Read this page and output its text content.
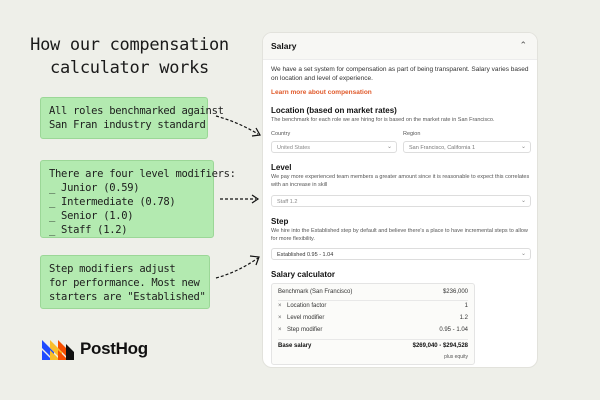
How our compensation
calculator works
All roles benchmarked against
San Fran industry standard
There are four level modifiers:
_ Junior (0.59)
_ Intermediate (0.78)
_ Senior (1.0)
_ Staff (1.2)
Step modifiers adjust
for performance. Most new
starters are "Established"
PostHog
Salary	⌃
We have a set system for compensation as part of being transparent. Salary varies based on location and level of experience.
Learn more about compensation
Location (based on market rates)
The benchmark for each role we are hiring for is based on the market rate in San Francisco.
Country	Region
United States	⌄	San Francisco, California 1	⌄
Level
We pay more experienced team members a greater amount since it is reasonable to expect this correlates with an increase in skill
Staff 1.2	⌄
Step
We hire into the Established step by default and believe there's a place to have incremental steps to allow for more flexibility.
Established 0.95 - 1.04	⌄
Salary calculator
Benchmark (San Francisco)	$236,000
× Location factor	1
× Level modifier	1.2
× Step modifier	0.95 - 1.04
Base salary	$269,040 - $294,528
plus equity
